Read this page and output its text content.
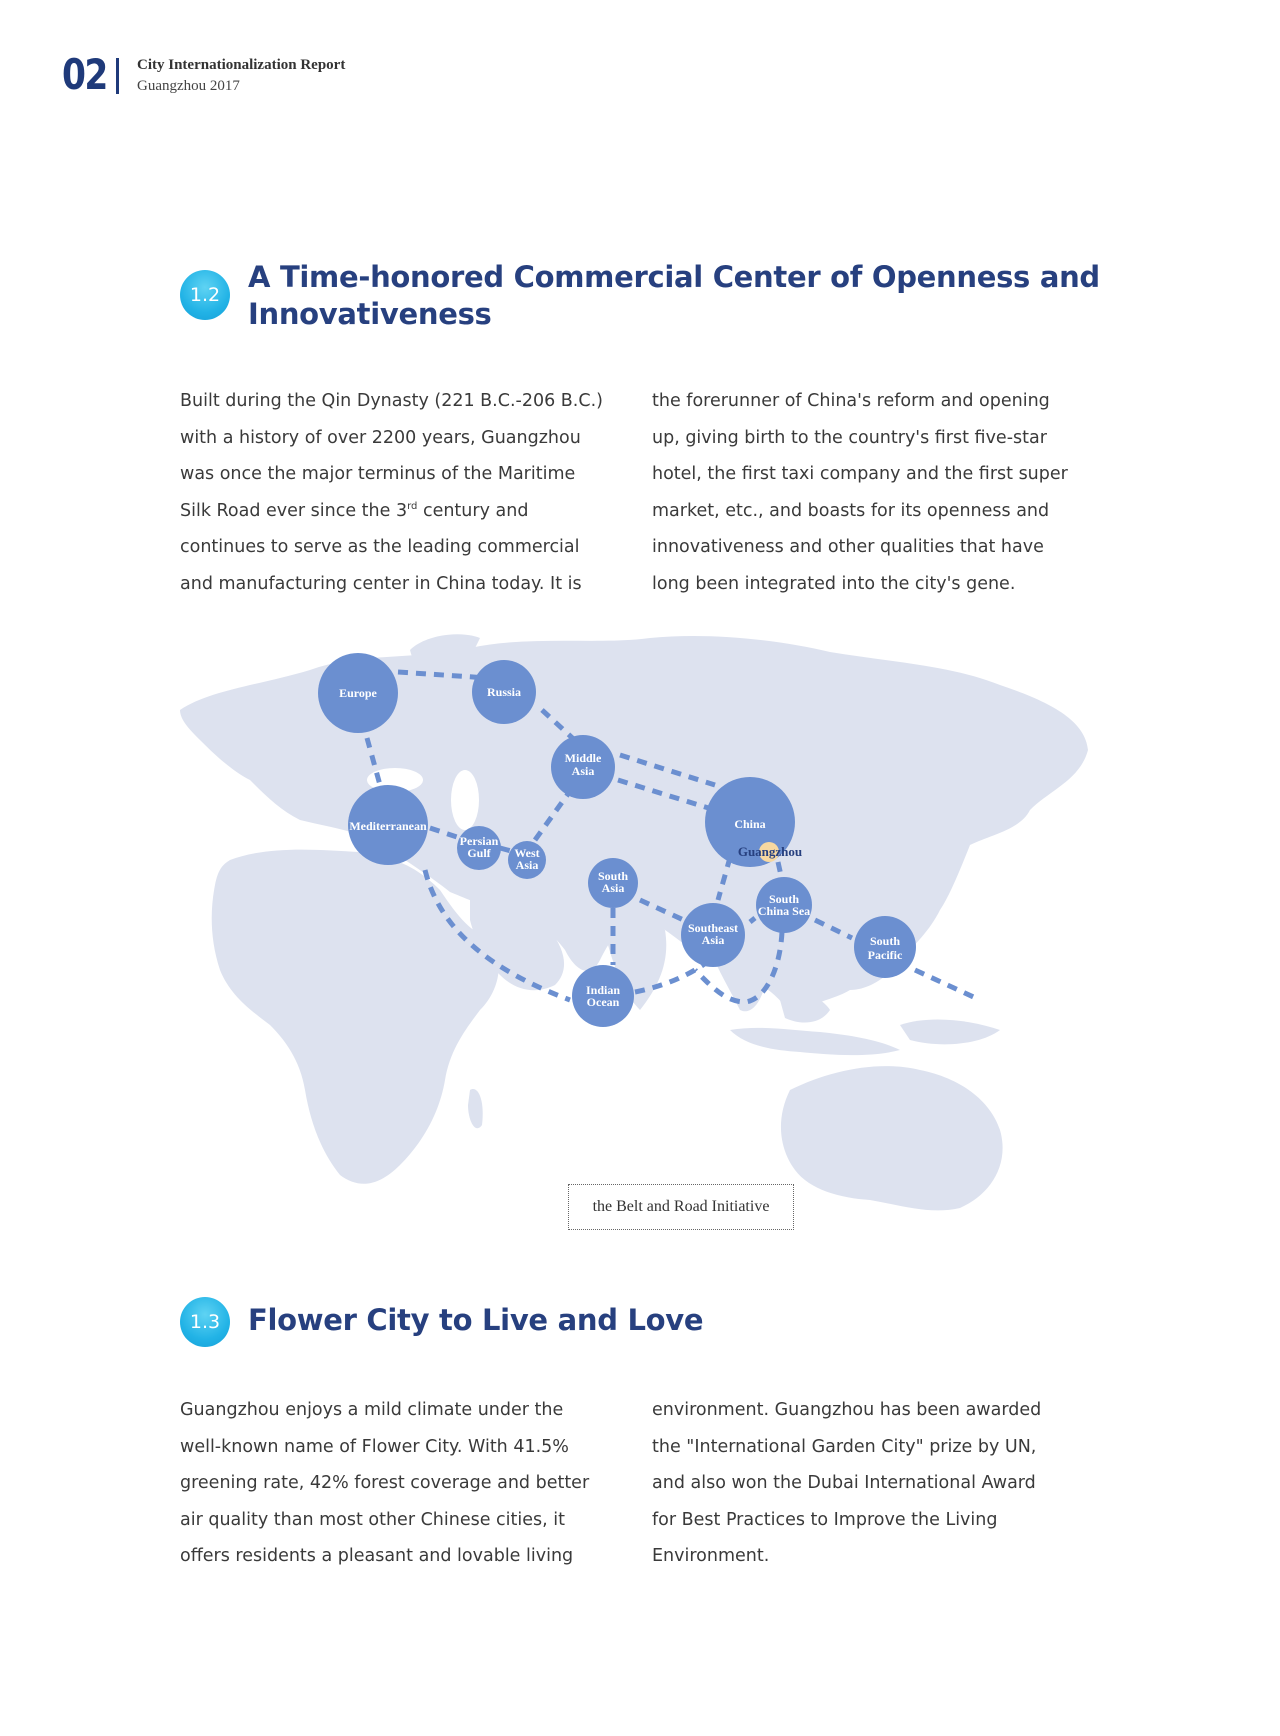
02 City Internationalization Report
Guangzhou 2017
1.2
A Time-honored Commercial Center of Openness and
Innovativeness

Built during the Qin Dynasty (221 B.C.-206 B.C.)

with a history of over 2200 years, Guangzhou

was once the major terminus of the Maritime

Silk Road ever since the 3rd century and

continues to serve as the leading commercial

and manufacturing center in China today. It is

the forerunner of China's reform and opening

up, giving birth to the country's first five-star

hotel, the first taxi company and the first super

market, etc., and boasts for its openness and

innovativeness and other qualities that have

long been integrated into the city's gene.

Europe	Russia
Middle
Asia
China
Guangzhou
Mediterranean
Persian
Gulf West
Asia
South
Asia
Southeast
Asia
South
China Sea
South
Pacific
Indian
Ocean
the Belt and Road Initiative
1.3 Flower City to Live and Love

Guangzhou enjoys a mild climate under the

well-known name of Flower City. With 41.5%

greening rate, 42% forest coverage and better

air quality than most other Chinese cities, it

offers residents a pleasant and lovable living

environment. Guangzhou has been awarded

the "International Garden City" prize by UN,

and also won the Dubai International Award

for Best Practices to Improve the Living

Environment.
